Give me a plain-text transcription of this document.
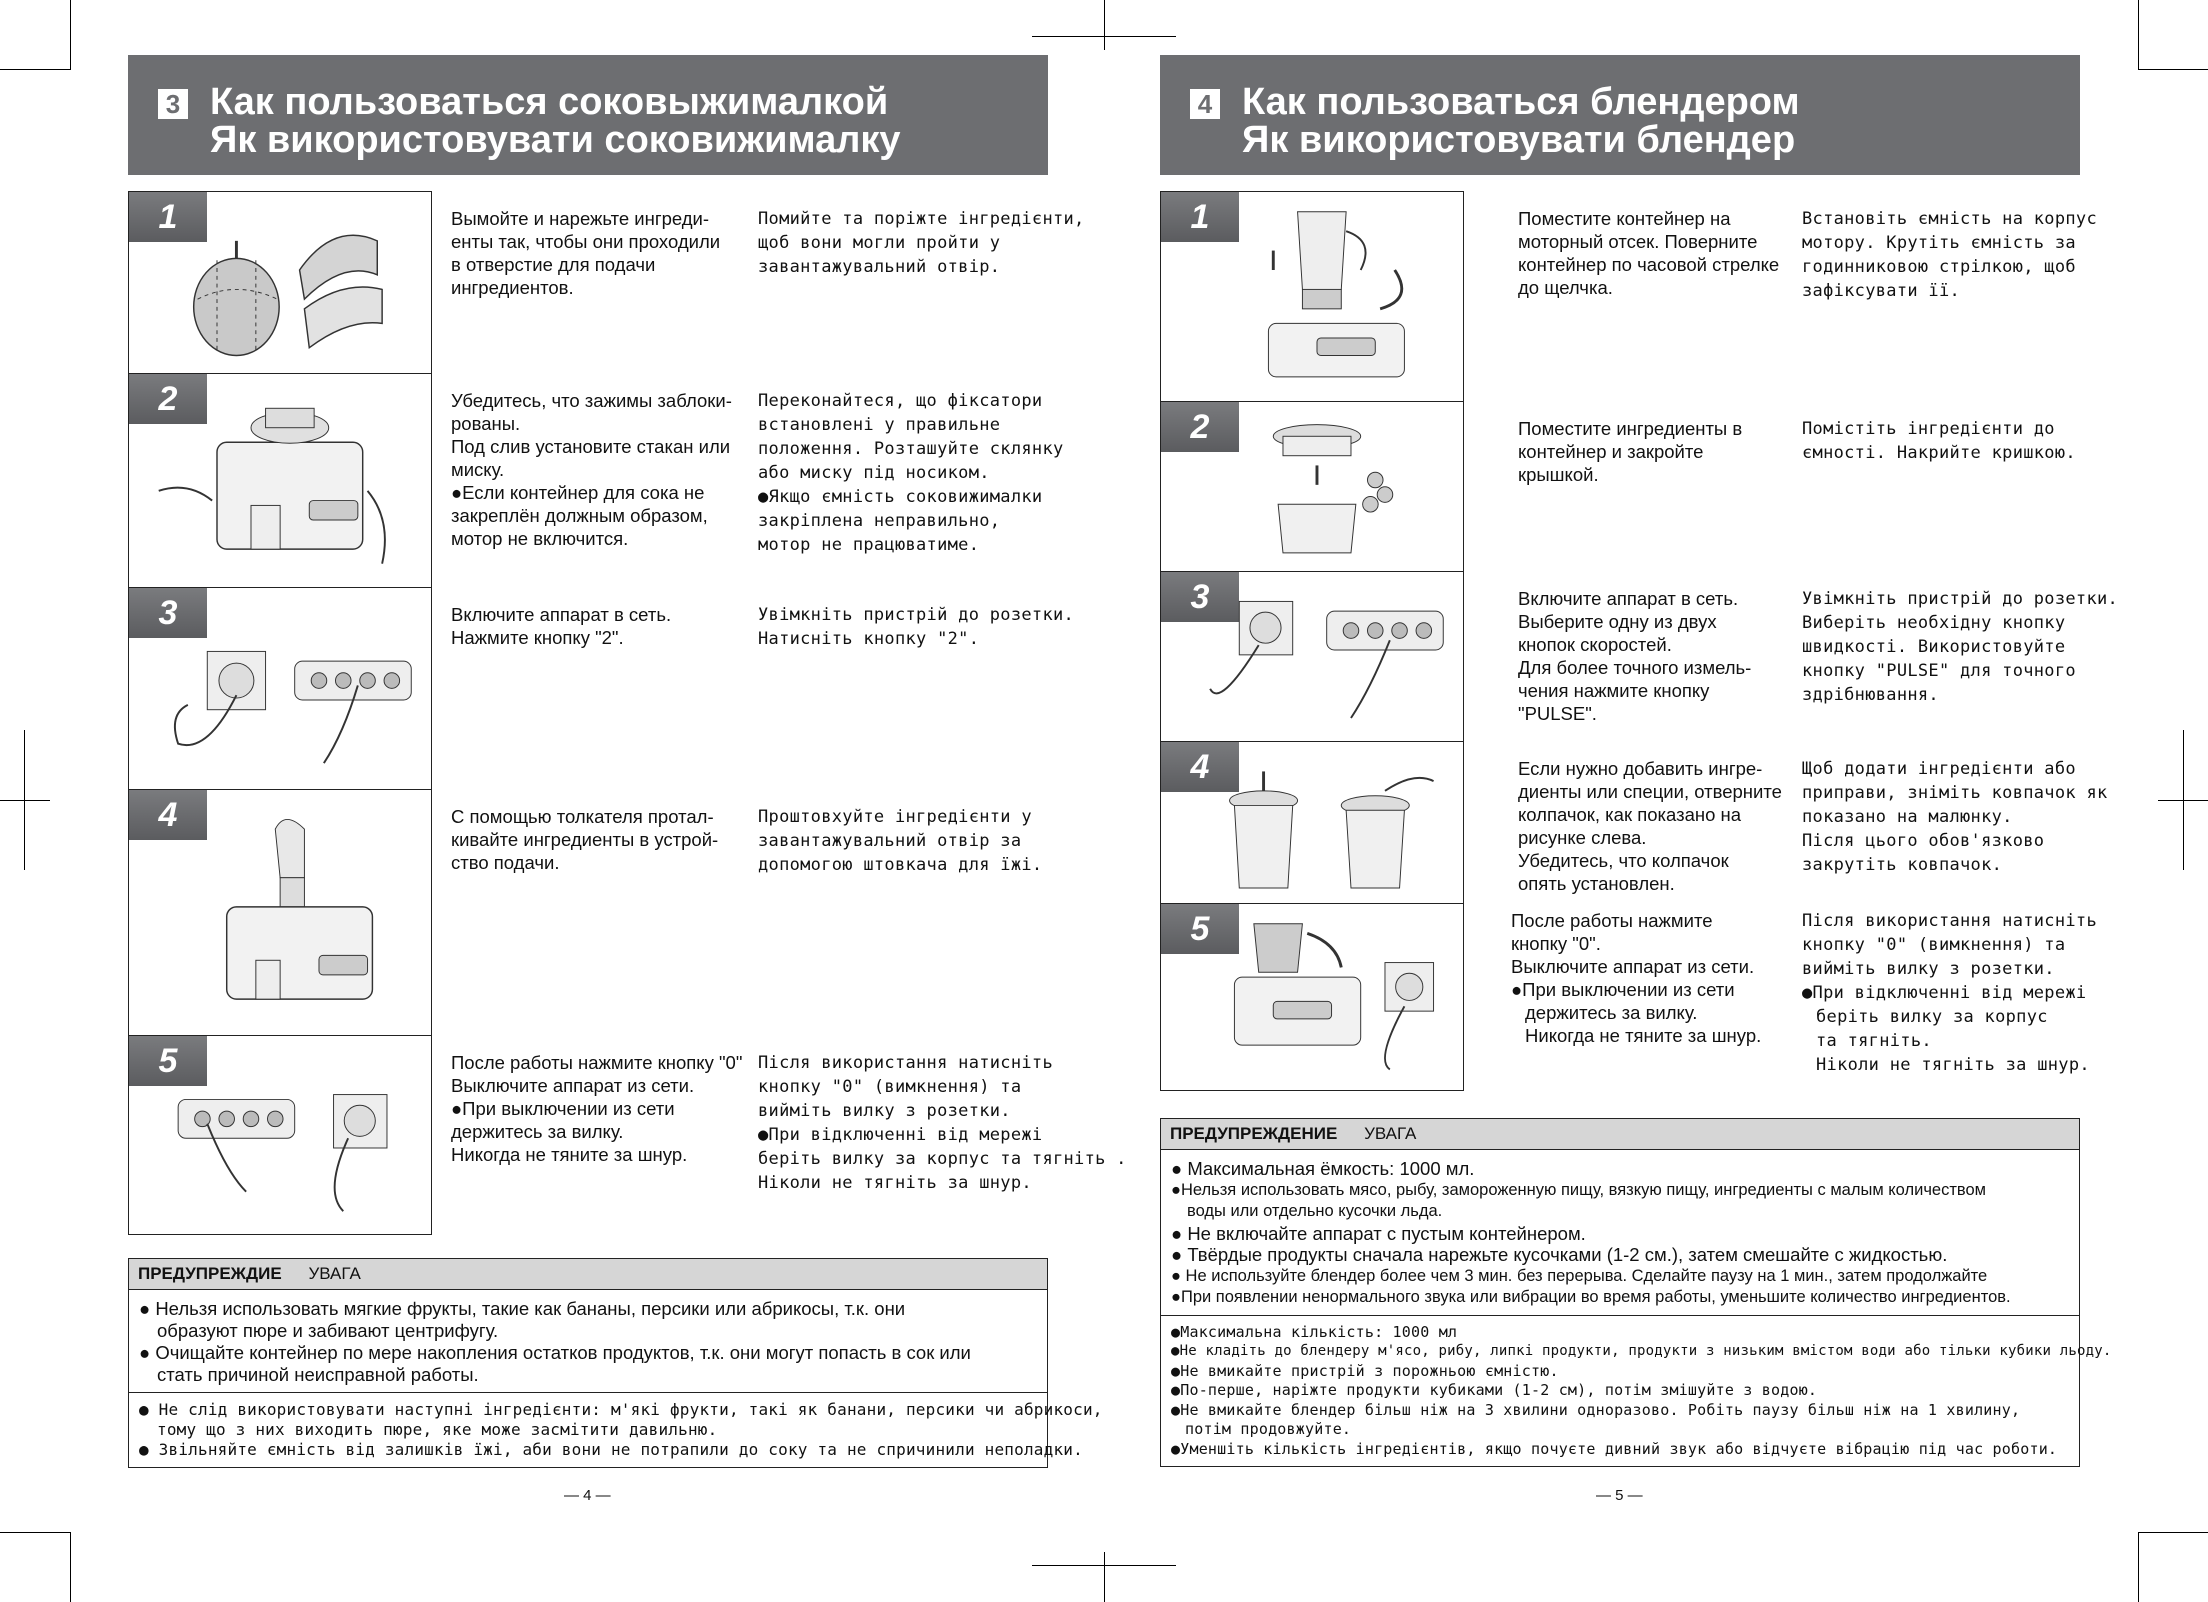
3 Как пользоваться соковыжималкой
Як використовувати соковижималку
1	Вымойте и нарежьте ингреди-
енты так, чтобы они проходили
в отверстие для подачи
ингредиентов.
Помийте та поріжте інгредієнти,
щоб вони могли пройти у
завантажувальний отвір.
2	Убедитесь, что зажимы заблоки-
рованы.
Под слив установите стакан или
миску.
●Если контейнер для сока не
закреплён должным образом,
мотор не включится.
Переконайтеся, що фіксатори
встановлені у правильне
положення. Розташуйте склянку
або миску під носиком.
●Якщо ємність соковижималки
закріплена неправильно,
мотор не працюватиме.
3	Включите аппарат в сеть.
Нажмите кнопку "2".
Увімкніть пристрій до розетки.
Натисніть кнопку "2".
4	С помощью толкателя протал-
кивайте ингредиенты в устрой-
ство подачи.
Проштовхуйте інгредієнти у
завантажувальний отвір за
допомогою штовкача для їжі.
5	После работы нажмите кнопку "0"
Выключите аппарат из сети.
●При выключении из сети
держитесь за вилку.
Никогда не тяните за шнур.
Після використання натисніть
кнопку "0" (вимкнення) та
вийміть вилку з розетки.
●При відключенні від мережі
беріть вилку за корпус та тягніть .
Ніколи не тягніть за шнур.
ПРЕДУПРЕЖДИЕ УВАГА
● Нельзя использовать мягкие фрукты, такие как бананы, персики или абрикосы, т.к. они
образуют пюре и забивают центрифугу.
● Очищайте контейнер по мере накопления остатков продуктов, т.к. они могут попасть в сок или
стать причиной неисправной работы.
● Не слід використовувати наступні інгредієнти: м'які фрукти, такі як банани, персики чи абрикоси,
тому що з них виходить пюре, яке може засмітити давильню.
● Звільняйте ємність від залишків їжі, аби вони не потрапили до соку та не спричинили неполадки.
— 4 —
4 Как пользоваться блендером
Як використовувати блендер
1	Поместите контейнер на
моторный отсек. Поверните
контейнер по часовой стрелке
до щелчка.
Встановіть ємність на корпус
мотору. Крутіть ємність за
годинниковою стрілкою, щоб
зафіксувати її.
2	Поместите ингредиенты в
контейнер и закройте
крышкой.
Помістіть інгредієнти до
ємності. Накрийте кришкою.
3	Включите аппарат в сеть.
Выберите одну из двух
кнопок скоростей.
Для более точного измель-
чения нажмите кнопку
"PULSE".
Увімкніть пристрій до розетки.
Виберіть необхідну кнопку
швидкості. Використовуйте
кнопку "PULSE" для точного
здрібнювання.
4	Если нужно добавить ингре-
диенты или специи, отверните
колпачок, как показано на
рисунке слева.
Убедитесь, что колпачок
опять установлен.
Щоб додати інгредієнти або
приправи, зніміть ковпачок як
показано на малюнку.
Після цього обов'язково
закрутіть ковпачок.
5	После работы нажмите
кнопку "0".
Выключите аппарат из сети.
●При выключении из сети
держитесь за вилку.
Никогда не тяните за шнур.
Після використання натисніть
кнопку "0" (вимкнення) та
вийміть вилку з розетки.
●При відключенні від мережі
беріть вилку за корпус
та тягніть.
Ніколи не тягніть за шнур.
ПРЕДУПРЕЖДЕНИЕ УВАГА
● Максимальная ёмкость: 1000 мл.
●Нельзя использовать мясо, рыбу, замороженную пищу, вязкую пищу, ингредиенты с малым количеством
воды или отдельно кусочки льда.
● Не включайте аппарат с пустым контейнером.
● Твёрдые продукты сначала нарежьте кусочками (1-2 см.), затем смешайте с жидкостью.
● Не используйте блендер более чем 3 мин. без перерыва. Сделайте паузу на 1 мин., затем продолжайте
●При появлении ненормального звука или вибрации во время работы, уменьшите количество ингредиентов.
●Максимальна кількість: 1000 мл
●Не кладіть до блендеру м'ясо, рибу, липкі продукти, продукти з низьким вмістом води або тільки кубики льоду.
●Не вмикайте пристрій з порожньою ємністю.
●По-перше, наріжте продукти кубиками (1-2 см), потім змішуйте з водою.
●Не вмикайте блендер більш ніж на 3 хвилини одноразово. Робіть паузу більш ніж на 1 хвилину,
потім продовжуйте.
●Уменшіть кількість інгредієнтів, якщо почуєте дивний звук або відчуєте вібрацію під час роботи.
— 5 —
